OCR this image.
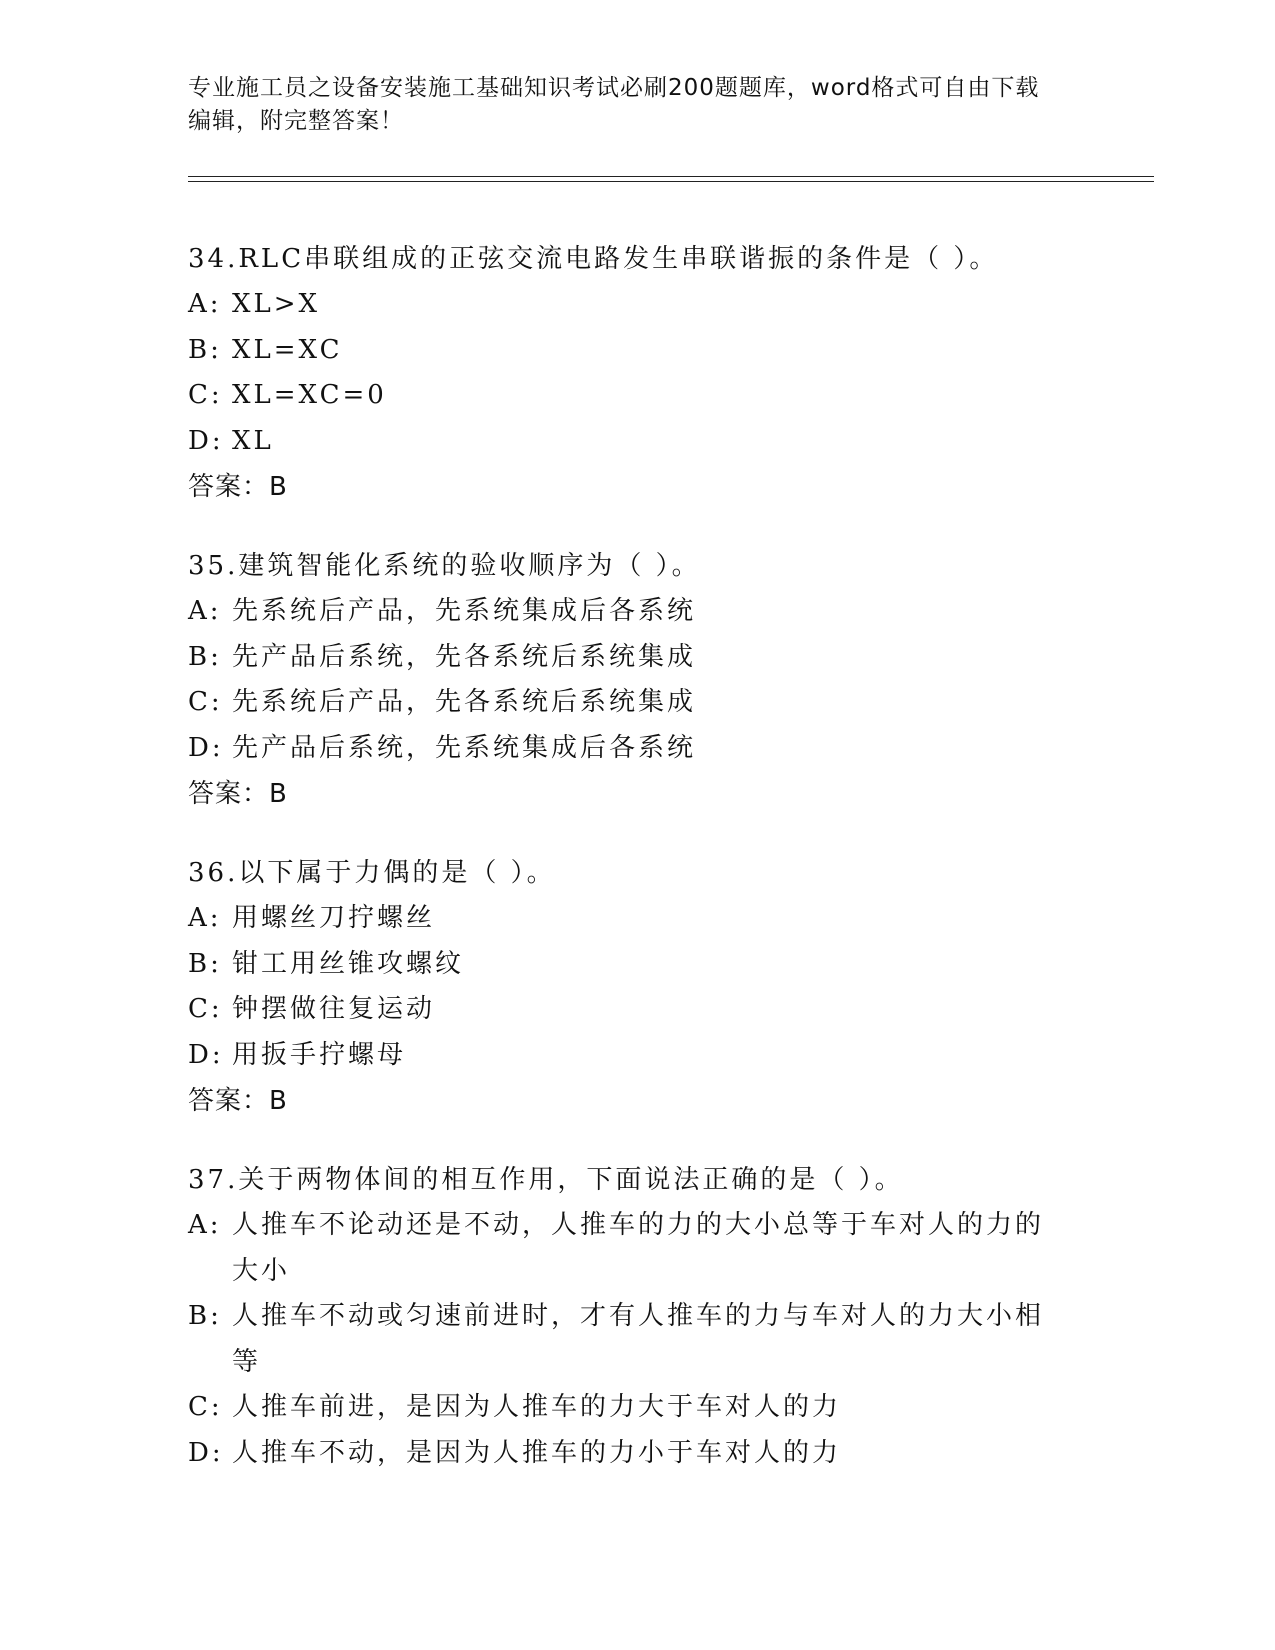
专业施工员之设备安装施工基础知识考试必刷200题题库，word格式可自由下载
编辑，附完整答案！
34.RLC串联组成的正弦交流电路发生串联谐振的条件是（ ）。
A: XL>X
B: XL=XC
C: XL=XC=0
D: XL
答案：B
35.建筑智能化系统的验收顺序为（ ）。
A: 先系统后产品，先系统集成后各系统
B: 先产品后系统，先各系统后系统集成
C: 先系统后产品，先各系统后系统集成
D: 先产品后系统，先系统集成后各系统
答案：B
36.以下属于力偶的是（ ）。
A: 用螺丝刀拧螺丝
B: 钳工用丝锥攻螺纹
C: 钟摆做往复运动
D: 用扳手拧螺母
答案：B
37.关于两物体间的相互作用，下面说法正确的是（ ）。
A: 人推车不论动还是不动，人推车的力的大小总等于车对人的力的大小
B: 人推车不动或匀速前进时，才有人推车的力与车对人的力大小相等
C: 人推车前进，是因为人推车的力大于车对人的力
D: 人推车不动，是因为人推车的力小于车对人的力
